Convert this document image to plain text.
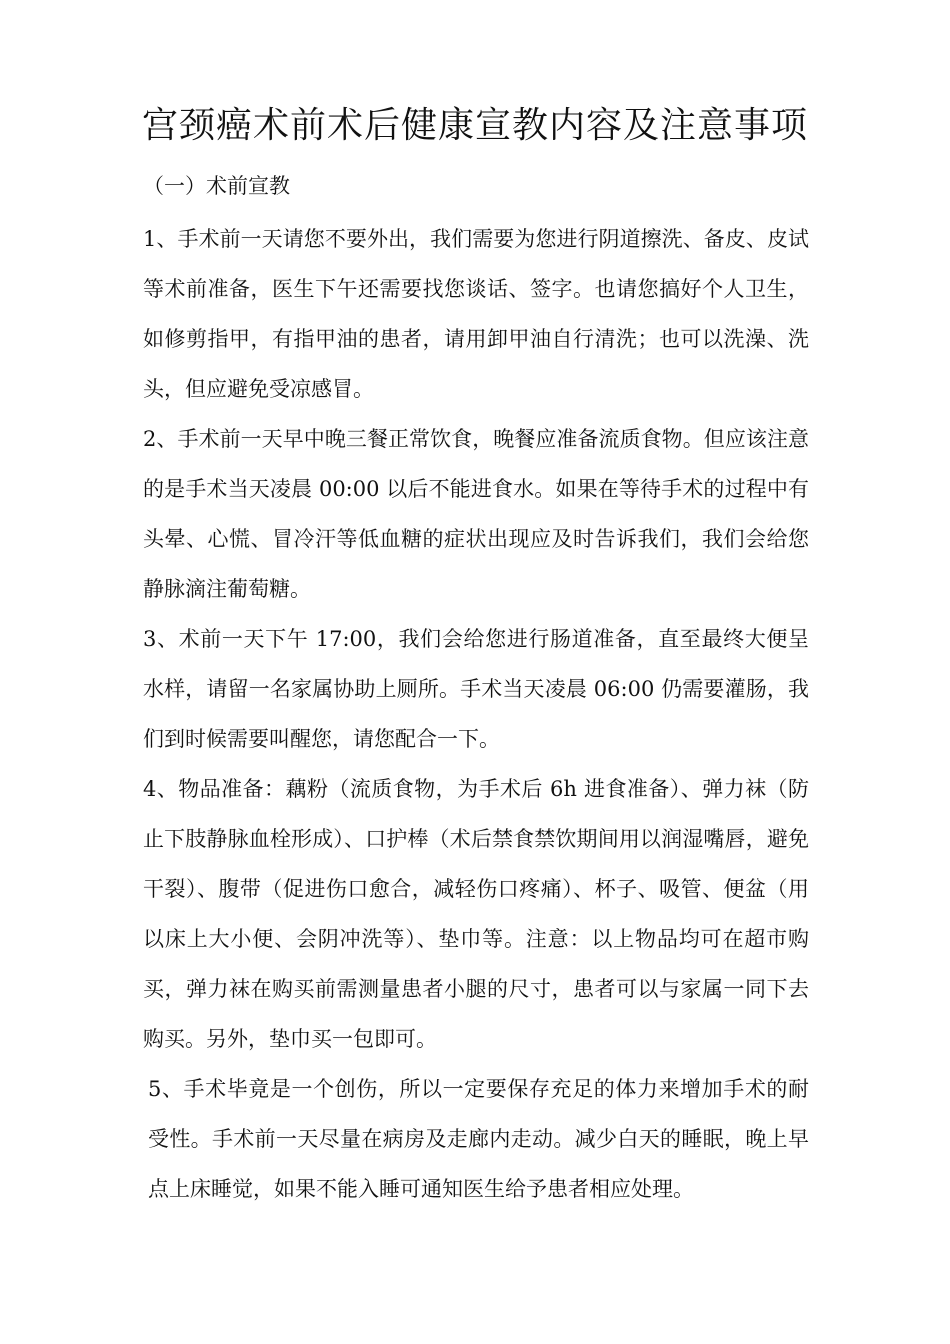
宫颈癌术前术后健康宣教内容及注意事项
（一）术前宣教

1、手术前一天请您不要外出，我们需要为您进行阴道擦洗、备皮、皮试等术前准备，医生下午还需要找您谈话、签字。也请您搞好个人卫生，如修剪指甲，有指甲油的患者，请用卸甲油自行清洗；也可以洗澡、洗头，但应避免受凉感冒。

2、手术前一天早中晚三餐正常饮食，晚餐应准备流质食物。但应该注意的是手术当天凌晨 00:00 以后不能进食水。如果在等待手术的过程中有头晕、心慌、冒冷汗等低血糖的症状出现应及时告诉我们，我们会给您静脉滴注葡萄糖。

3、术前一天下午 17:00，我们会给您进行肠道准备，直至最终大便呈水样，请留一名家属协助上厕所。手术当天凌晨 06:00 仍需要灌肠，我们到时候需要叫醒您，请您配合一下。

4、物品准备：藕粉（流质食物，为手术后 6h 进食准备）、弹力袜（防止下肢静脉血栓形成）、口护棒（术后禁食禁饮期间用以润湿嘴唇，避免干裂）、腹带（促进伤口愈合，减轻伤口疼痛）、杯子、吸管、便盆（用以床上大小便、会阴冲洗等）、垫巾等。注意：以上物品均可在超市购买，弹力袜在购买前需测量患者小腿的尺寸，患者可以与家属一同下去购买。另外，垫巾买一包即可。

5、手术毕竟是一个创伤，所以一定要保存充足的体力来增加手术的耐受性。手术前一天尽量在病房及走廊内走动。减少白天的睡眠，晚上早点上床睡觉，如果不能入睡可通知医生给予患者相应处理。
